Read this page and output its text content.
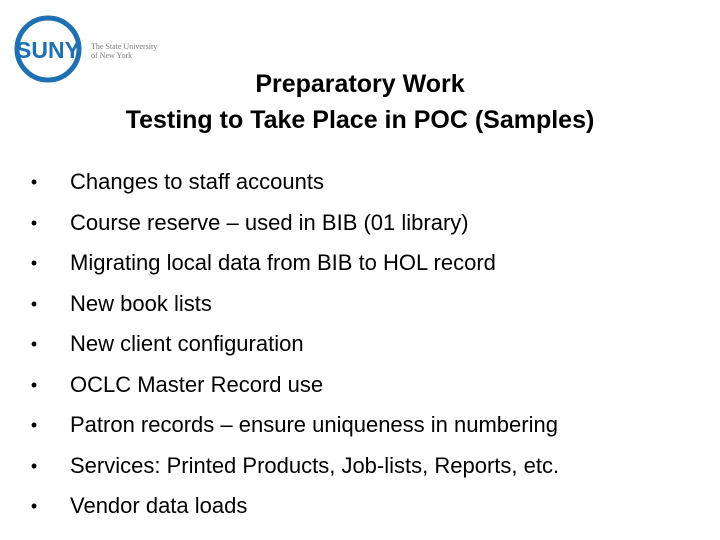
SUNY The State University
of New York
Preparatory Work
Testing to Take Place in POC (Samples)
•	Changes to staff accounts
•	Course reserve – used in BIB (01 library)
•	Migrating local data from BIB to HOL record
•	New book lists
•	New client configuration
•	OCLC Master Record use
•	Patron records – ensure uniqueness in numbering
•	Services: Printed Products, Job-lists, Reports, etc.
•	Vendor data loads
